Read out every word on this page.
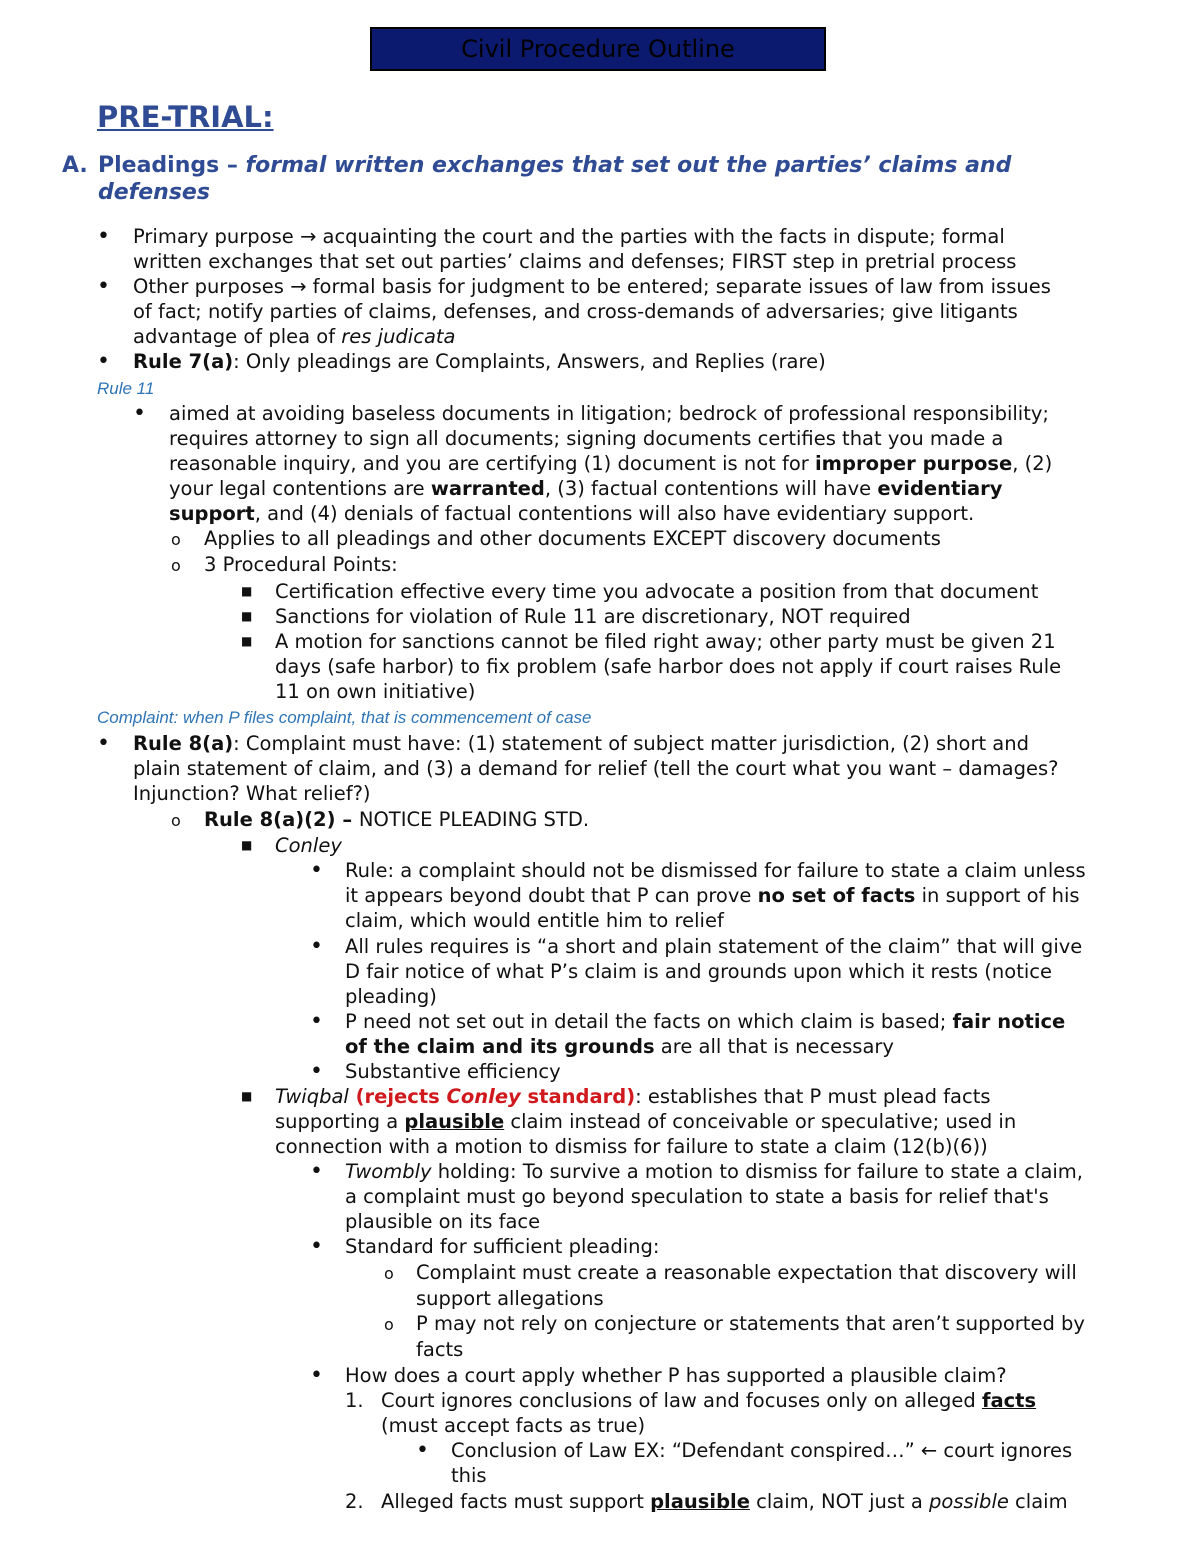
Civil Procedure Outline
PRE-TRIAL:
A. Pleadings – formal written exchanges that set out the parties’ claims and
defenses
• Primary purpose → acquainting the court and the parties with the facts in dispute; formal
written exchanges that set out parties’ claims and defenses; FIRST step in pretrial process
• Other purposes → formal basis for judgment to be entered; separate issues of law from issues
of fact; notify parties of claims, defenses, and cross-demands of adversaries; give litigants
advantage of plea of res judicata
• Rule 7(a): Only pleadings are Complaints, Answers, and Replies (rare)
Rule 11
• aimed at avoiding baseless documents in litigation; bedrock of professional responsibility;
requires attorney to sign all documents; signing documents certifies that you made a
reasonable inquiry, and you are certifying (1) document is not for improper purpose, (2)
your legal contentions are warranted, (3) factual contentions will have evidentiary
support, and (4) denials of factual contentions will also have evidentiary support.
o Applies to all pleadings and other documents EXCEPT discovery documents
o 3 Procedural Points:
■ Certification effective every time you advocate a position from that document
■ Sanctions for violation of Rule 11 are discretionary, NOT required
■ A motion for sanctions cannot be filed right away; other party must be given 21
days (safe harbor) to fix problem (safe harbor does not apply if court raises Rule
11 on own initiative)
Complaint: when P files complaint, that is commencement of case
• Rule 8(a): Complaint must have: (1) statement of subject matter jurisdiction, (2) short and
plain statement of claim, and (3) a demand for relief (tell the court what you want – damages?
Injunction? What relief?)
o Rule 8(a)(2) – NOTICE PLEADING STD.
■ Conley
• Rule: a complaint should not be dismissed for failure to state a claim unless
it appears beyond doubt that P can prove no set of facts in support of his
claim, which would entitle him to relief
• All rules requires is “a short and plain statement of the claim” that will give
D fair notice of what P’s claim is and grounds upon which it rests (notice
pleading)
• P need not set out in detail the facts on which claim is based; fair notice
of the claim and its grounds are all that is necessary
• Substantive efficiency
■ Twiqbal (rejects Conley standard): establishes that P must plead facts
supporting a plausible claim instead of conceivable or speculative; used in
connection with a motion to dismiss for failure to state a claim (12(b)(6))
• Twombly holding: To survive a motion to dismiss for failure to state a claim,
a complaint must go beyond speculation to state a basis for relief that's
plausible on its face
• Standard for sufficient pleading:
o Complaint must create a reasonable expectation that discovery will
support allegations
o P may not rely on conjecture or statements that aren’t supported by
facts
• How does a court apply whether P has supported a plausible claim?
1. Court ignores conclusions of law and focuses only on alleged facts
(must accept facts as true)
• Conclusion of Law EX: “Defendant conspired…” ← court ignores
this
2. Alleged facts must support plausible claim, NOT just a possible claim
